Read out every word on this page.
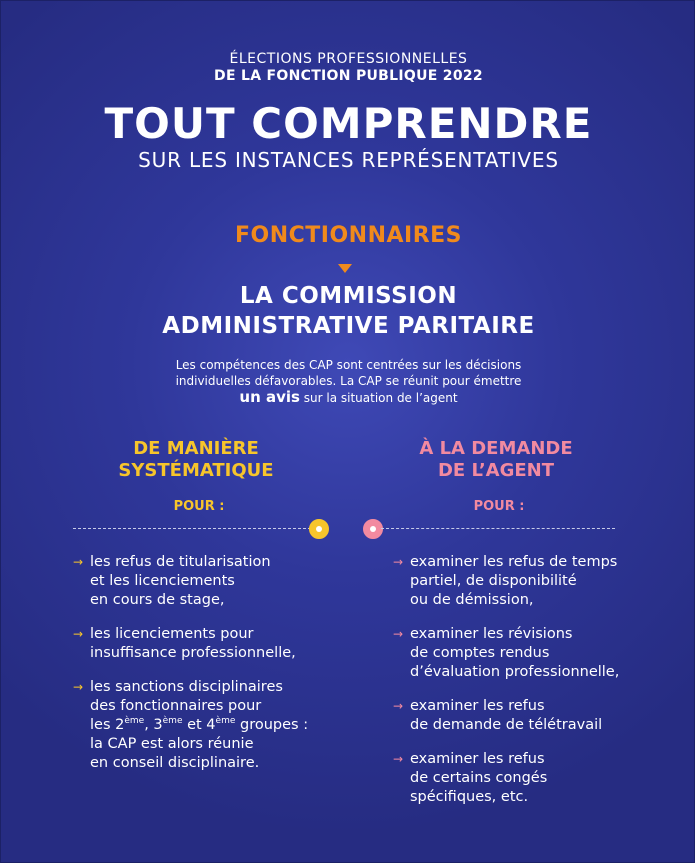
ÉLECTIONS PROFESSIONNELLES
DE LA FONCTION PUBLIQUE 2022
TOUT COMPRENDRE
SUR LES INSTANCES REPRÉSENTATIVES
FONCTIONNAIRES
LA COMMISSION
ADMINISTRATIVE PARITAIRE
Les compétences des CAP sont centrées sur les décisions
individuelles défavorables. La CAP se réunit pour émettre
un avis sur la situation de l’agent
DE MANIÈRE
SYSTÉMATIQUE
À LA DEMANDE
DE L’AGENT
POUR :	POUR :
→ les refus de titularisation
et les licenciements
en cours de stage,
→ les licenciements pour
insuffisance professionnelle,
→ les sanctions disciplinaires
des fonctionnaires pour
les 2ème, 3ème et 4ème groupes :
la CAP est alors réunie
en conseil disciplinaire.
→ examiner les refus de temps
partiel, de disponibilité
ou de démission,
→ examiner les révisions
de comptes rendus
d’évaluation professionnelle,
→ examiner les refus
de demande de télétravail
→ examiner les refus
de certains congés
spécifiques, etc.
